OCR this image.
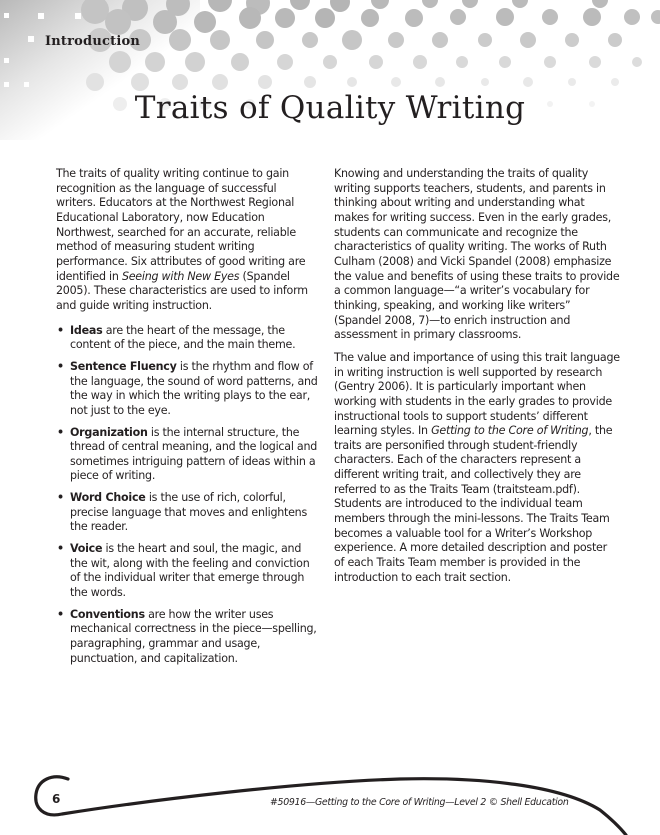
Introduction
Traits of Quality Writing

The traits of quality writing continue to gain recognition as the language of successful writers. Educators at the Northwest Regional Educational Laboratory, now Education Northwest, searched for an accurate, reliable method of measuring student writing performance. Six attributes of good writing are identified in Seeing with New Eyes (Spandel 2005). These characteristics are used to inform and guide writing instruction.

• Ideas are the heart of the message, the content of the piece, and the main theme.
• Sentence Fluency is the rhythm and flow of the language, the sound of word patterns, and the way in which the writing plays to the ear, not just to the eye.
• Organization is the internal structure, the thread of central meaning, and the logical and sometimes intriguing pattern of ideas within a piece of writing.
• Word Choice is the use of rich, colorful, precise language that moves and enlightens the reader.
• Voice is the heart and soul, the magic, and the wit, along with the feeling and conviction of the individual writer that emerge through the words.
• Conventions are how the writer uses mechanical correctness in the piece—spelling, paragraphing, grammar and usage, punctuation, and capitalization.

Knowing and understanding the traits of quality writing supports teachers, students, and parents in thinking about writing and understanding what makes for writing success. Even in the early grades, students can communicate and recognize the characteristics of quality writing. The works of Ruth Culham (2008) and Vicki Spandel (2008) emphasize the value and benefits of using these traits to provide a common language—“a writer’s vocabulary for thinking, speaking, and working like writers” (Spandel 2008, 7)—to enrich instruction and assessment in primary classrooms.

The value and importance of using this trait language in writing instruction is well supported by research (Gentry 2006). It is particularly important when working with students in the early grades to provide instructional tools to support students’ different learning styles. In Getting to the Core of Writing, the traits are personified through student-friendly characters. Each of the characters represent a different writing trait, and collectively they are referred to as the Traits Team (traitsteam.pdf). Students are introduced to the individual team members through the mini-lessons. The Traits Team becomes a valuable tool for a Writer’s Workshop experience. A more detailed description and poster of each Traits Team member is provided in the introduction to each trait section.

6	#50916—Getting to the Core of Writing—Level 2 © Shell Education
